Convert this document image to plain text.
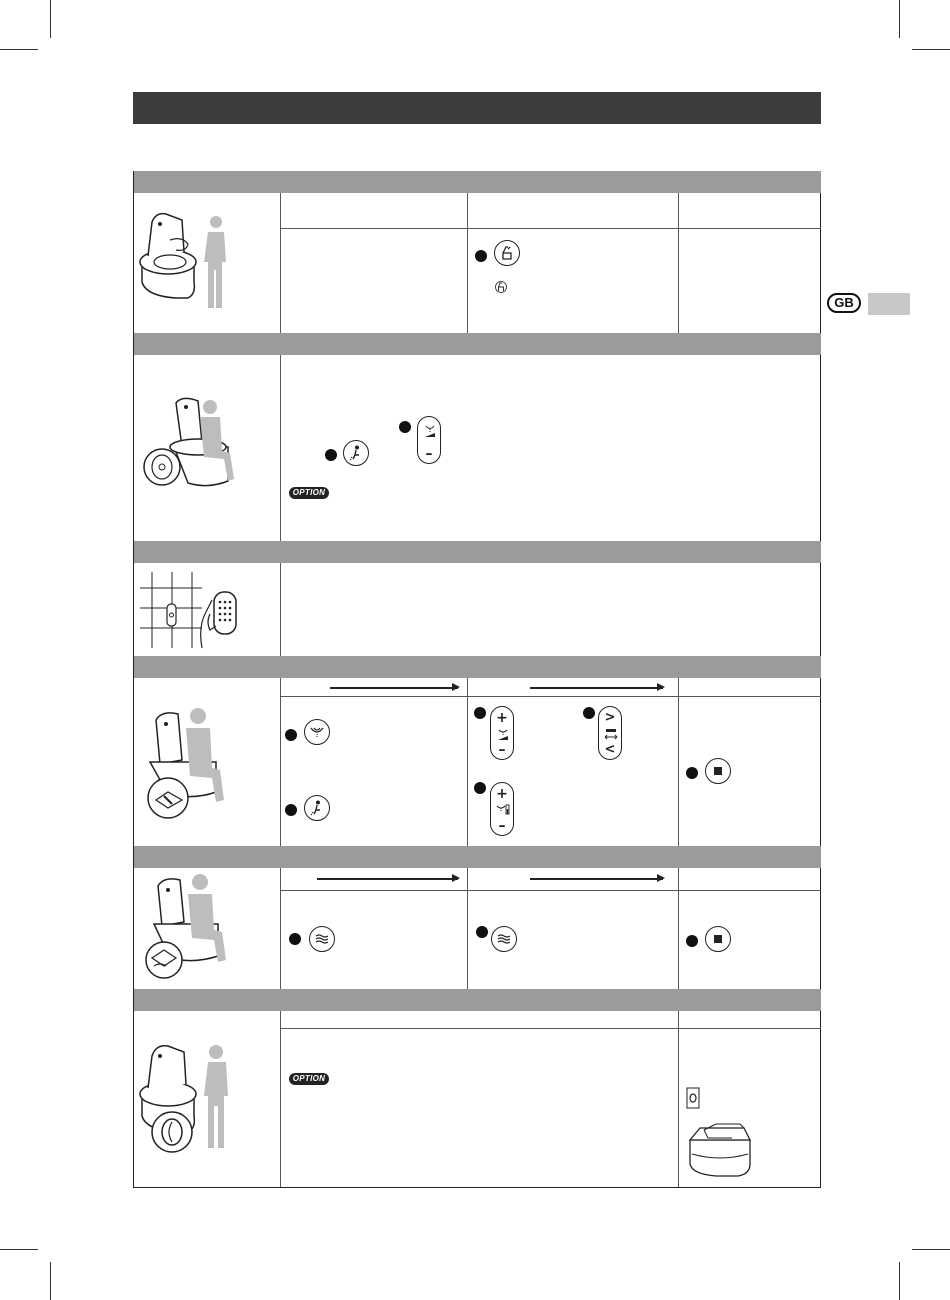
GB
–
OPTION
+
–
>
<
+
–
OPTION
